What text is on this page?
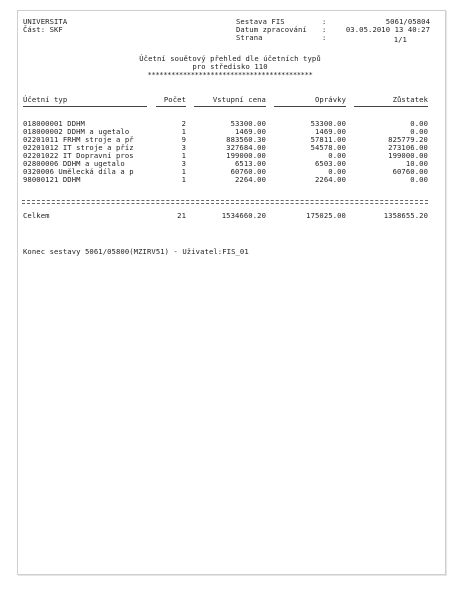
UNIVERSITA
Část: SKF
Sestava FIS	:	5061/05804
Datum zpracování :	03.05.2010 13 40:27
Strana	:	1/1
Účetní souětový přehled dle účetních typů
pro středisko 110
******************************************
Účetní typ	Počet	Vstupní cena	Oprávky	Zůstatek
018000001 DDHM	2	53300.00	53300.00	0.00
018000002 DDHM a ugetalo	1	1469.00	1469.00	0.00
02201011 FRHM stroje a př	9	883560.30	57811.00	825779.20
02201012 IT stroje a příz	3	327684.00	54578.00	273106.00
02201022 IT Dopravní pros	1	199000.00	0.00	199000.00
02800006 DDHM a ugetalo	3	6513.00	6503.00	10.00
0320006 Umělecká díla a p	1	60760.00	0.00	60760.00
98000121 DDHM	1	2264.00	2264.00	0.00
Celkem	21	1534660.20	175025.00	1358655.20
Konec sestavy 5061/05800(MZIRV51) - Uživatel:FIS_01
